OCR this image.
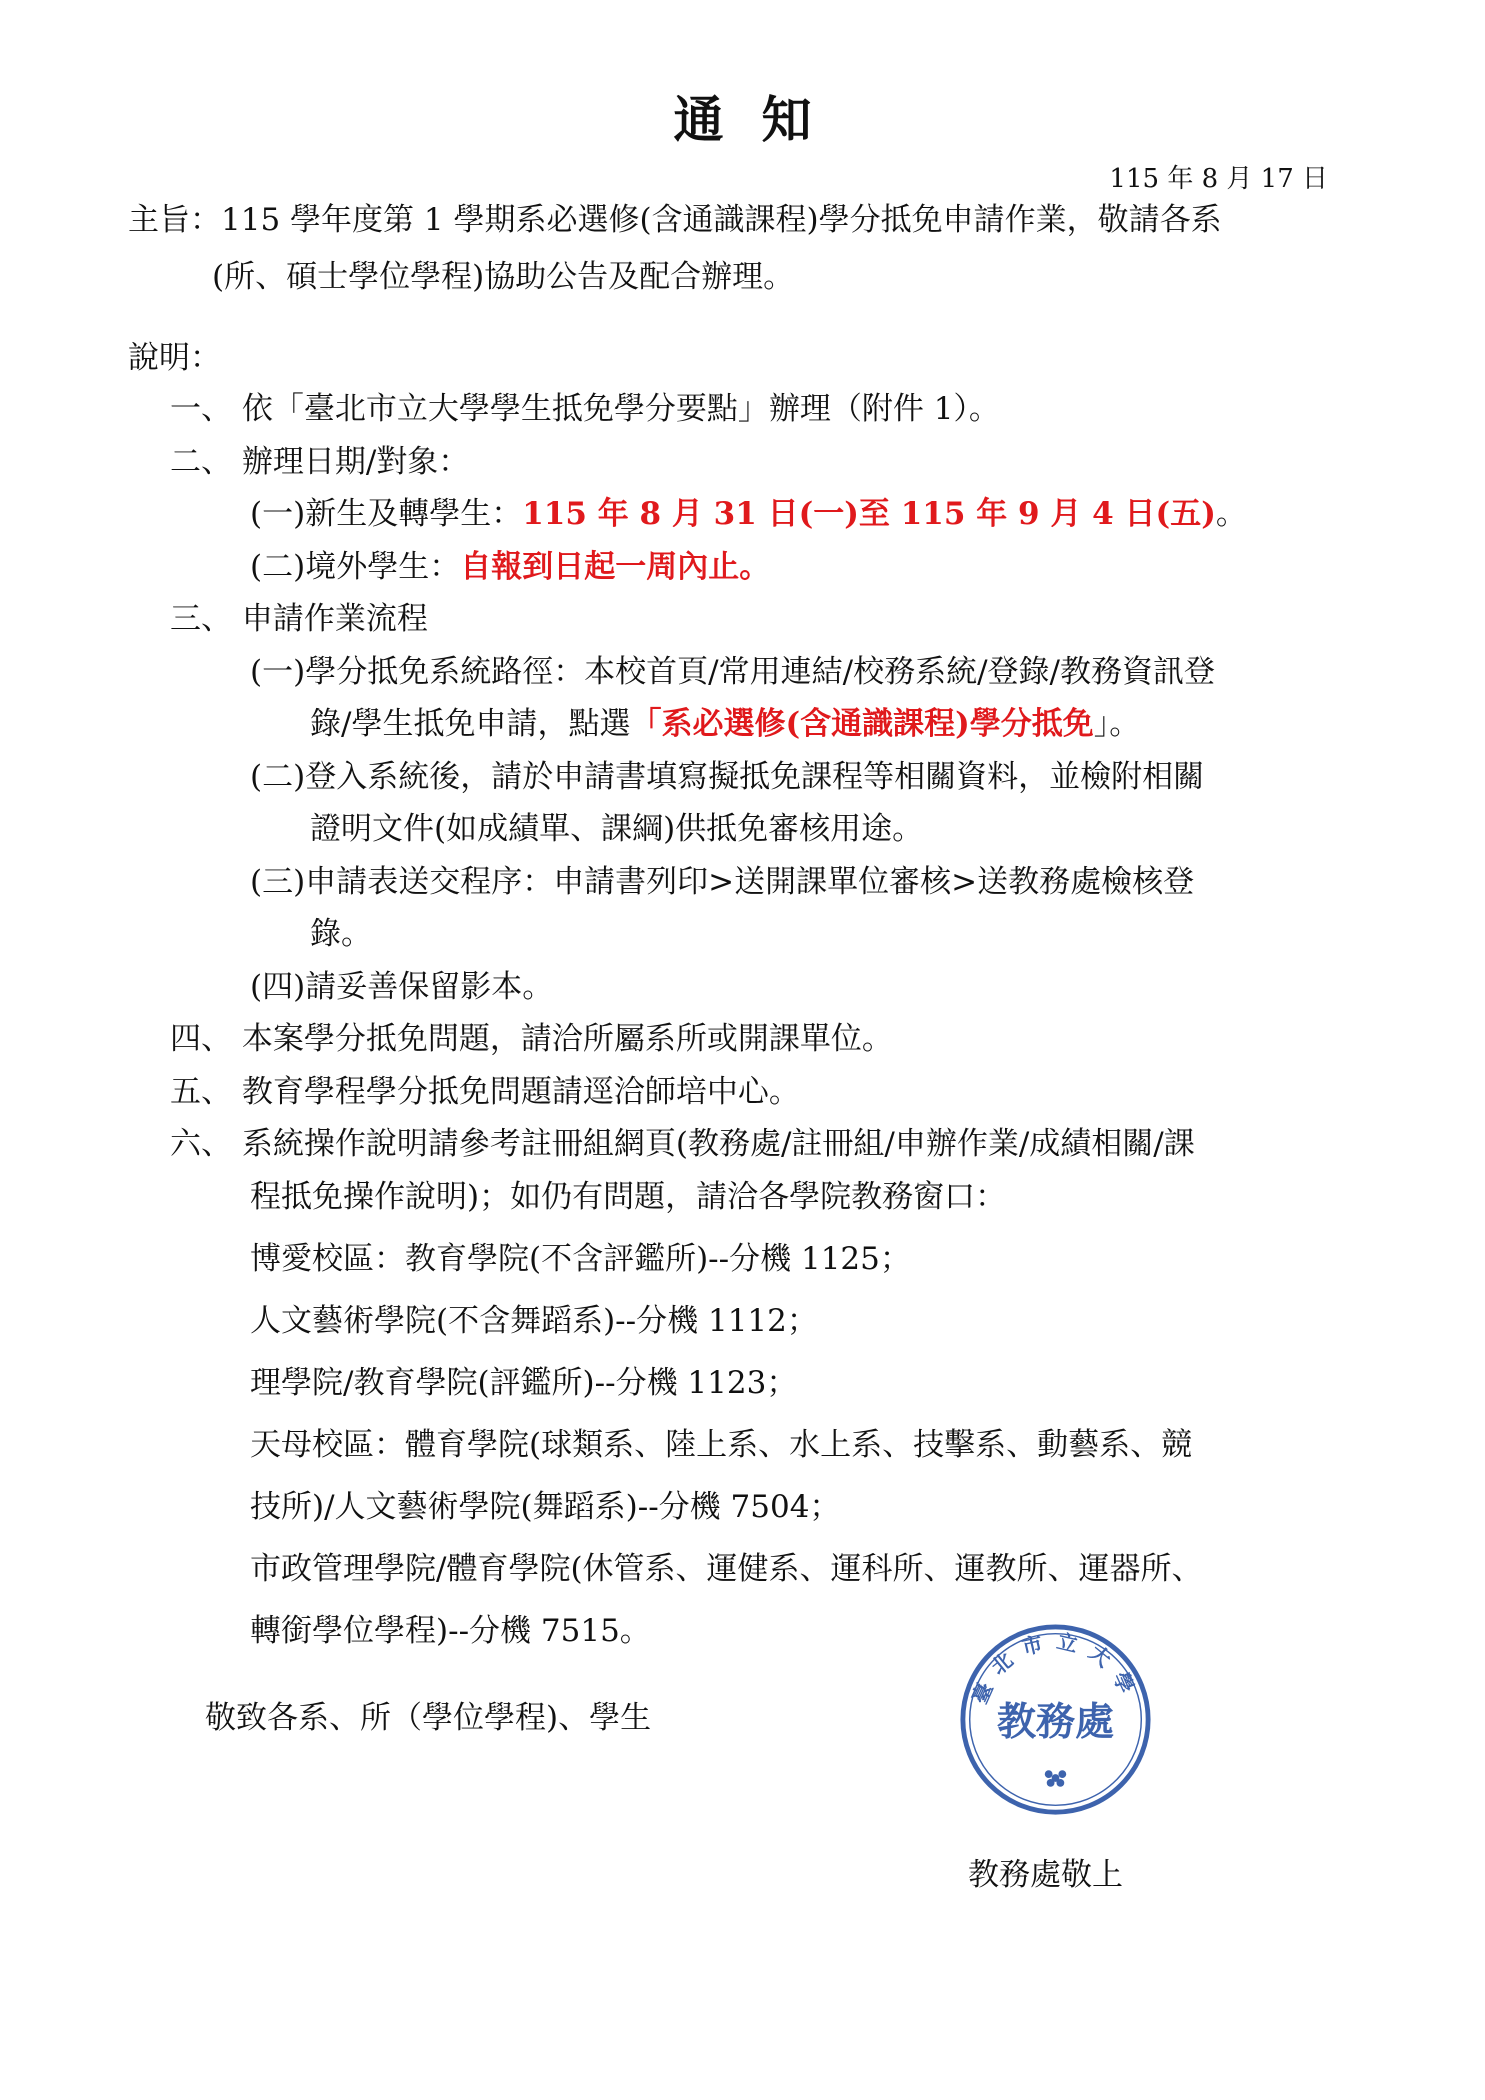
通知
115 年 8 月 17 日
主旨：115 學年度第 1 學期系必選修(含通識課程)學分抵免申請作業，敬請各系
(所、碩士學位學程)協助公告及配合辦理。
說明：
一、 依「臺北市立大學學生抵免學分要點」辦理（附件 1）。
二、 辦理日期/對象：
(一)新生及轉學生：115 年 8 月 31 日(一)至 115 年 9 月 4 日(五)。
(二)境外學生：自報到日起一周內止。
三、 申請作業流程
(一)學分抵免系統路徑：本校首頁/常用連結/校務系統/登錄/教務資訊登
錄/學生抵免申請，點選「系必選修(含通識課程)學分抵免」。
(二)登入系統後，請於申請書填寫擬抵免課程等相關資料，並檢附相關
證明文件(如成績單、課綱)供抵免審核用途。
(三)申請表送交程序：申請書列印>送開課單位審核>送教務處檢核登
錄。
(四)請妥善保留影本。
四、 本案學分抵免問題，請洽所屬系所或開課單位。
五、 教育學程學分抵免問題請逕洽師培中心。
六、 系統操作說明請參考註冊組網頁(教務處/註冊組/申辦作業/成績相關/課
程抵免操作說明)；如仍有問題，請洽各學院教務窗口：
博愛校區：教育學院(不含評鑑所)--分機 1125；
人文藝術學院(不含舞蹈系)--分機 1112；
理學院/教育學院(評鑑所)--分機 1123；
天母校區：體育學院(球類系、陸上系、水上系、技擊系、動藝系、競
技所)/人文藝術學院(舞蹈系)--分機 7504；
市政管理學院/體育學院(休管系、運健系、運科所、運教所、運器所、
轉銜學位學程)--分機 7515。
敬致各系、所（學位學程)、學生
臺北市立大學
教務處
教務處敬上
